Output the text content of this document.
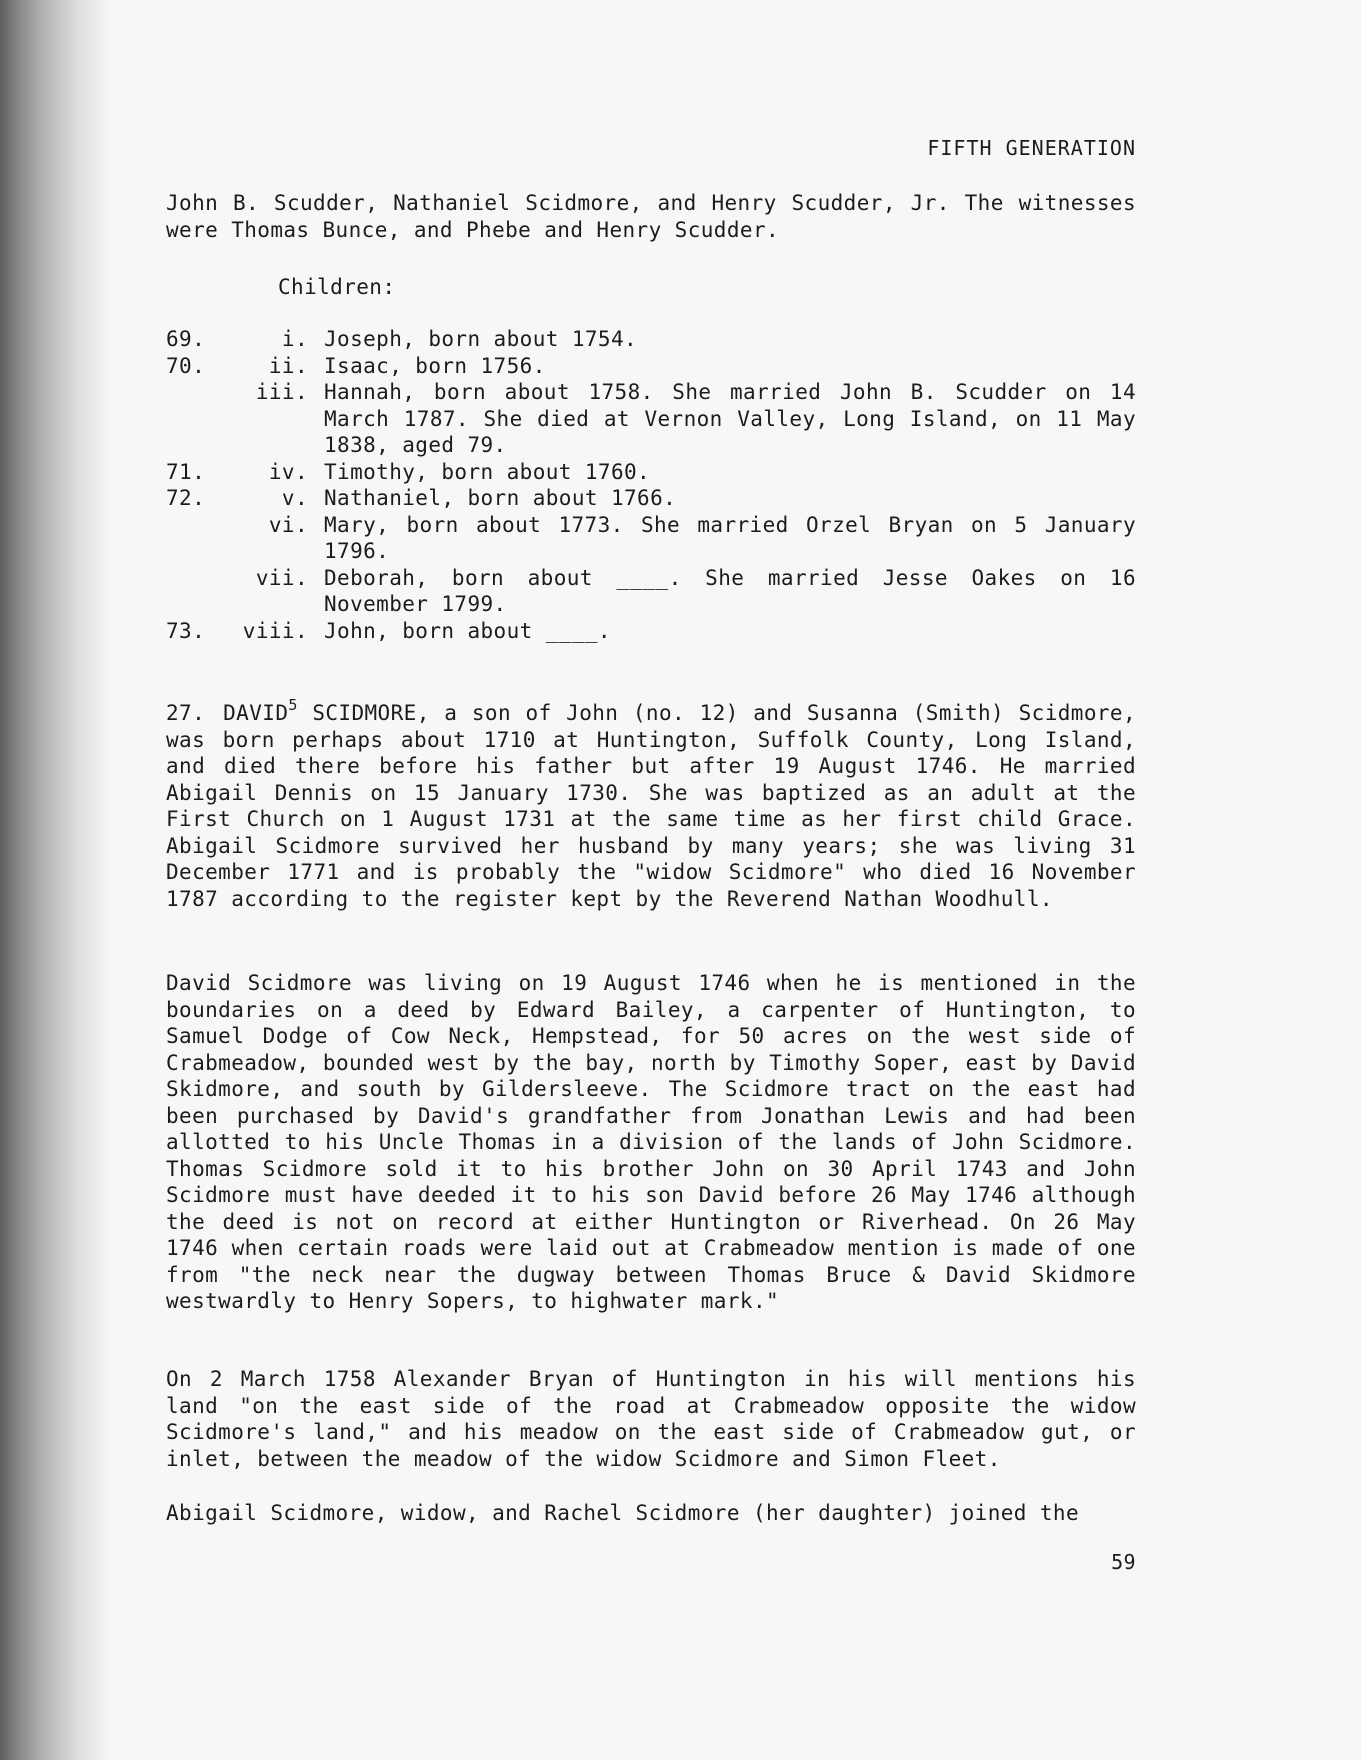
FIFTH GENERATION

John B. Scudder, Nathaniel Scidmore, and Henry Scudder, Jr. The witnesses were Thomas Bunce, and Phebe and Henry Scudder.

Children:
69.	i. Joseph, born about 1754.
70.	ii. Isaac, born 1756.
iii. Hannah, born about 1758. She married John B. Scudder on 14 March 1787. She died at Vernon Valley, Long Island, on 11 May 1838, aged 79.
71.	iv. Timothy, born about 1760.
72.	v. Nathaniel, born about 1766.
vi. Mary, born about 1773. She married Orzel Bryan on 5 January 1796.
vii. Deborah, born about ____. She married Jesse Oakes on 16 November 1799.
73.	viii. John, born about ____.

27. DAVID$^5$ SCIDMORE, a son of John (no. 12) and Susanna (Smith) Scidmore, was born perhaps about 1710 at Huntington, Suffolk County, Long Island, and died there before his father but after 19 August 1746. He married Abigail Dennis on 15 January 1730. She was baptized as an adult at the First Church on 1 August 1731 at the same time as her first child Grace. Abigail Scidmore survived her husband by many years; she was living 31 December 1771 and is probably the "widow Scidmore" who died 16 November 1787 according to the register kept by the Reverend Nathan Woodhull.

David Scidmore was living on 19 August 1746 when he is mentioned in the boundaries on a deed by Edward Bailey, a carpenter of Huntington, to Samuel Dodge of Cow Neck, Hempstead, for 50 acres on the west side of Crabmeadow, bounded west by the bay, north by Timothy Soper, east by David Skidmore, and south by Gildersleeve. The Scidmore tract on the east had been purchased by David's grandfather from Jonathan Lewis and had been allotted to his Uncle Thomas in a division of the lands of John Scidmore. Thomas Scidmore sold it to his brother John on 30 April 1743 and John Scidmore must have deeded it to his son David before 26 May 1746 although the deed is not on record at either Huntington or Riverhead. On 26 May 1746 when certain roads were laid out at Crabmeadow mention is made of one from "the neck near the dugway between Thomas Bruce & David Skidmore westwardly to Henry Sopers, to highwater mark."

On 2 March 1758 Alexander Bryan of Huntington in his will mentions his land "on the east side of the road at Crabmeadow opposite the widow Scidmore's land," and his meadow on the east side of Crabmeadow gut, or inlet, between the meadow of the widow Scidmore and Simon Fleet.

Abigail Scidmore, widow, and Rachel Scidmore (her daughter) joined the

59
